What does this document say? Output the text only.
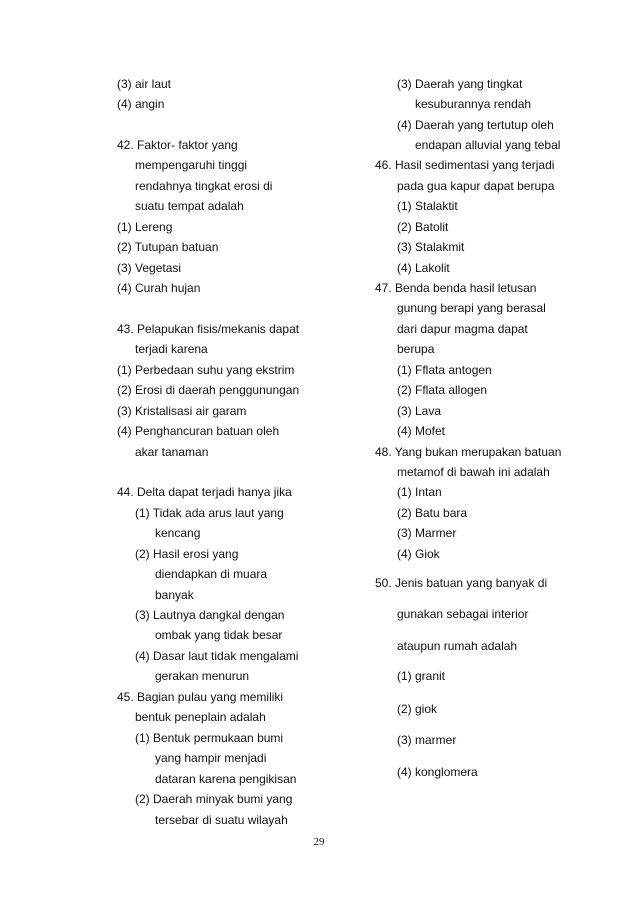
(3) air laut
(4) angin
42. Faktor- faktor yang
mempengaruhi tinggi
rendahnya tingkat erosi di
suatu tempat adalah
(1) Lereng
(2) Tutupan batuan
(3) Vegetasi
(4) Curah hujan
43. Pelapukan fisis/mekanis dapat
terjadi karena
(1) Perbedaan suhu yang ekstrim
(2) Erosi di daerah penggunungan
(3) Kristalisasi air garam
(4) Penghancuran batuan oleh
akar tanaman
44. Delta dapat terjadi hanya jika
(1) Tidak ada arus laut yang
kencang
(2) Hasil erosi yang
diendapkan di muara
banyak
(3) Lautnya dangkal dengan
ombak yang tidak besar
(4) Dasar laut tidak mengalami
gerakan menurun
45. Bagian pulau yang memiliki
bentuk peneplain adalah
(1) Bentuk permukaan bumi
yang hampir menjadi
dataran karena pengikisan
(2) Daerah minyak bumi yang
tersebar di suatu wilayah
(3) Daerah yang tingkat
kesuburannya rendah
(4) Daerah yang tertutup oleh
endapan alluvial yang tebal
46. Hasil sedimentasi yang terjadi
pada gua kapur dapat berupa
(1) Stalaktit
(2) Batolit
(3) Stalakmit
(4) Lakolit
47. Benda benda hasil letusan
gunung berapi yang berasal
dari dapur magma dapat
berupa
(1) Fflata antogen
(2) Fflata allogen
(3) Lava
(4) Mofet
48. Yang bukan merupakan batuan
metamof di bawah ini adalah
(1) Intan
(2) Batu bara
(3) Marmer
(4) Giok
50. Jenis batuan yang banyak di
gunakan sebagai interior
ataupun rumah adalah
(1) granit
(2) giok
(3) marmer
(4) konglomera
29
